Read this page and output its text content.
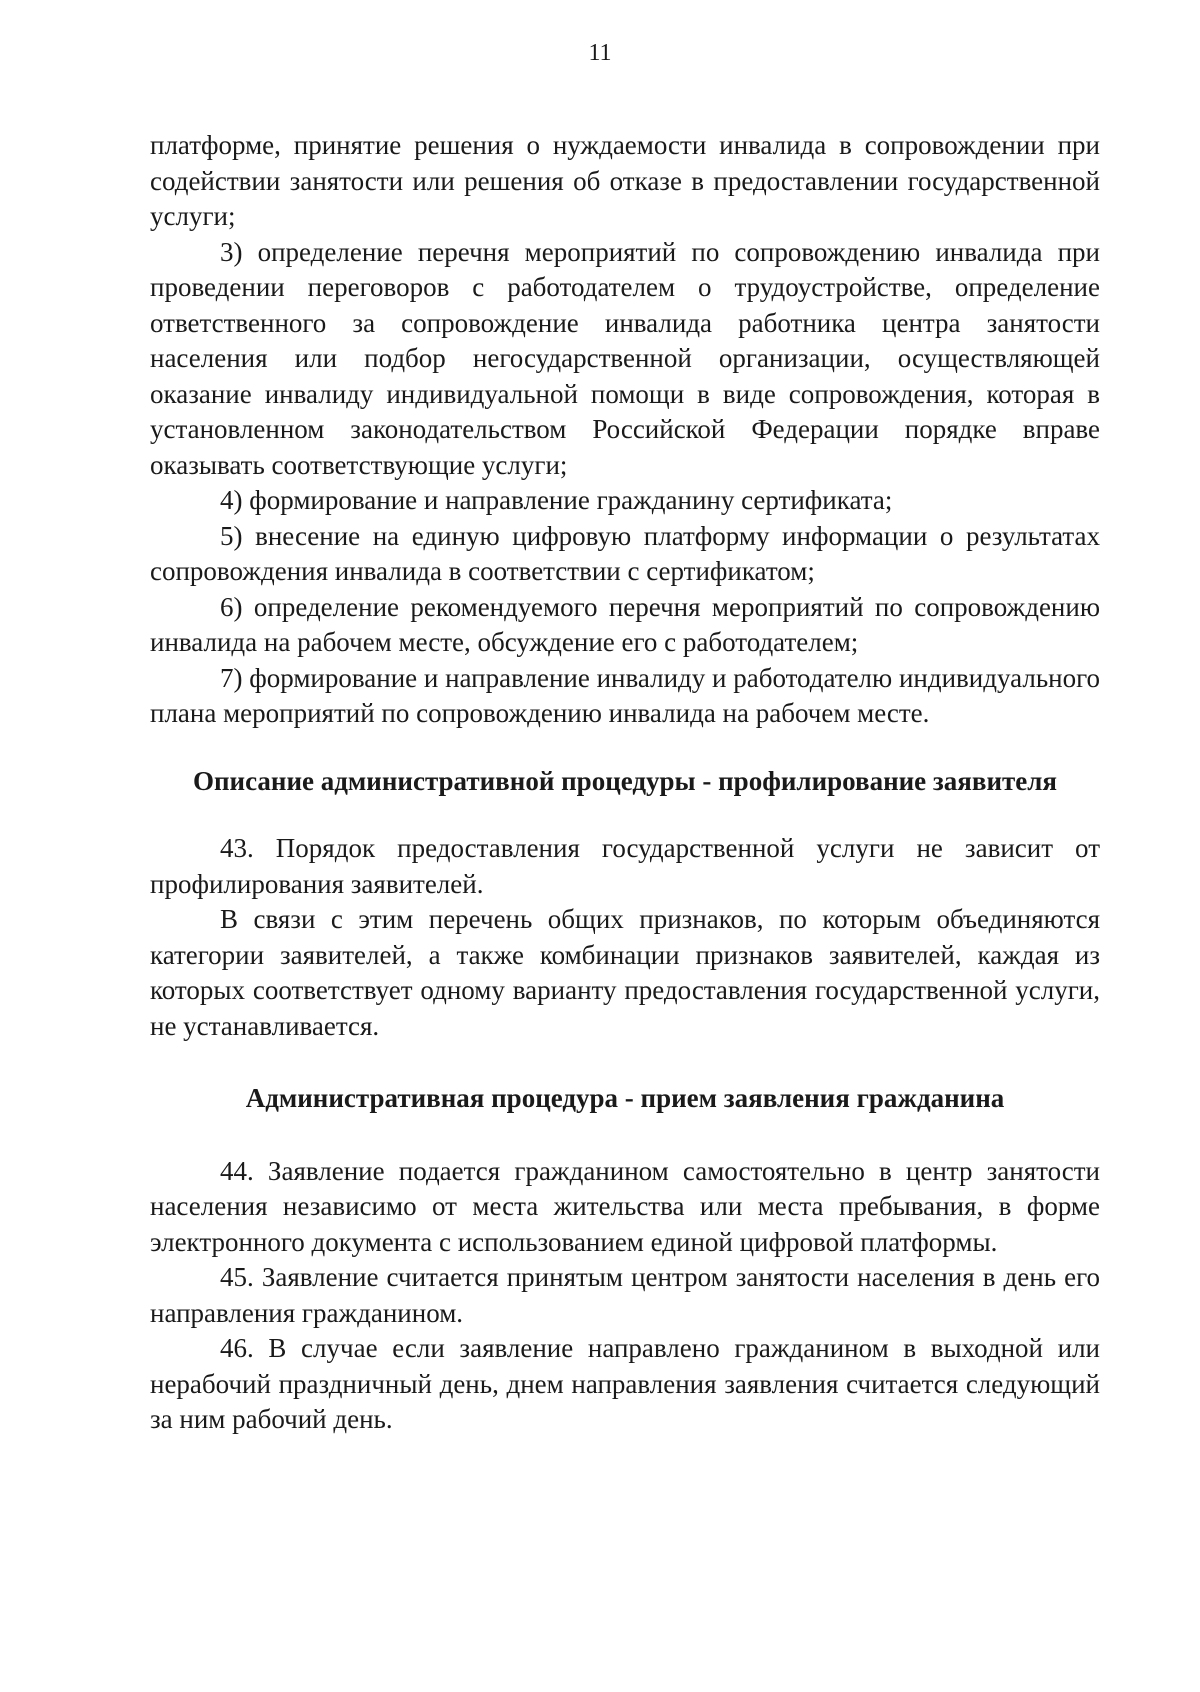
11

платформе, принятие решения о нуждаемости инвалида в сопровождении при содействии занятости или решения об отказе в предоставлении государственной услуги;

3) определение перечня мероприятий по сопровождению инвалида при проведении переговоров с работодателем о трудоустройстве, определение ответственного за сопровождение инвалида работника центра занятости населения или подбор негосударственной организации, осуществляющей оказание инвалиду индивидуальной помощи в виде сопровождения, которая в установленном законодательством Российской Федерации порядке вправе оказывать соответствующие услуги;

4) формирование и направление гражданину сертификата;

5) внесение на единую цифровую платформу информации о результатах сопровождения инвалида в соответствии с сертификатом;

6) определение рекомендуемого перечня мероприятий по сопровождению инвалида на рабочем месте, обсуждение его с работодателем;

7) формирование и направление инвалиду и работодателю индивидуального плана мероприятий по сопровождению инвалида на рабочем месте.

Описание административной процедуры - профилирование заявителя

43. Порядок предоставления государственной услуги не зависит от профилирования заявителей.

В связи с этим перечень общих признаков, по которым объединяются категории заявителей, а также комбинации признаков заявителей, каждая из которых соответствует одному варианту предоставления государственной услуги, не устанавливается.

Административная процедура - прием заявления гражданина

44. Заявление подается гражданином самостоятельно в центр занятости населения независимо от места жительства или места пребывания, в форме электронного документа с использованием единой цифровой платформы.

45. Заявление считается принятым центром занятости населения в день его направления гражданином.

46. В случае если заявление направлено гражданином в выходной или нерабочий праздничный день, днем направления заявления считается следующий за ним рабочий день.
